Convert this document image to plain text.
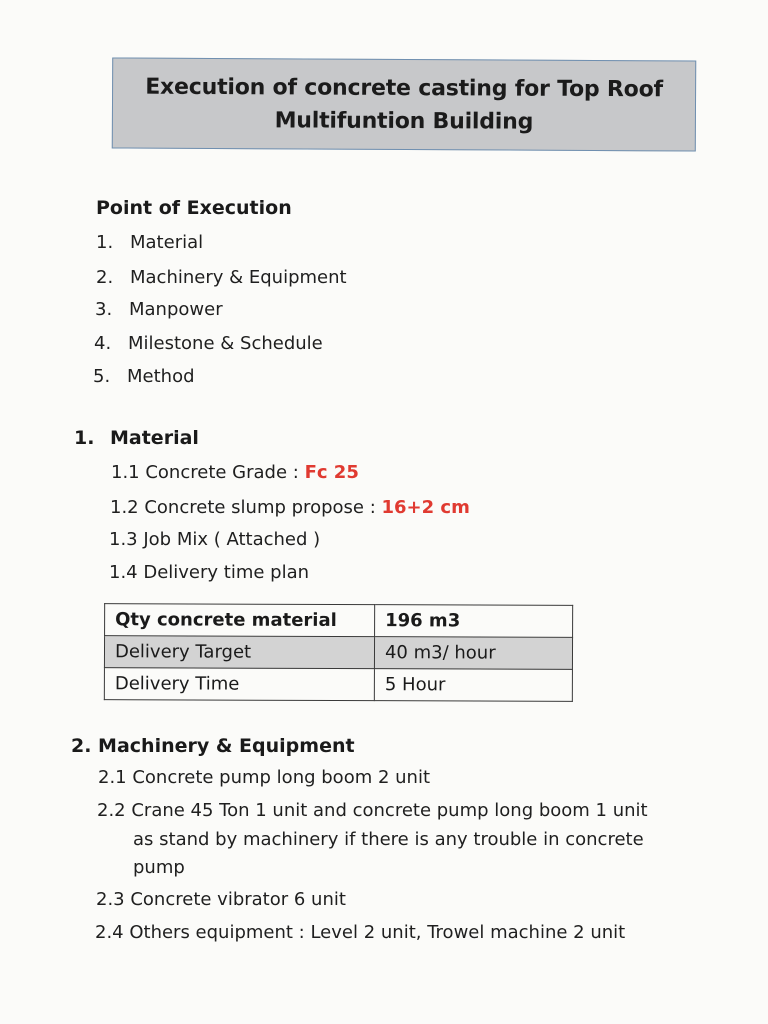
Execution of concrete casting for Top Roof
Multifuntion Building
Point of Execution
1. Material
2. Machinery & Equipment
3. Manpower
4. Milestone & Schedule
5. Method
1. Material
1.1 Concrete Grade : Fc 25
1.2 Concrete slump propose : 16+2 cm
1.3 Job Mix ( Attached )
1.4 Delivery time plan
Qty concrete material	196 m3
Delivery Target	40 m3/ hour
Delivery Time	5 Hour
2. Machinery & Equipment
2.1 Concrete pump long boom 2 unit
2.2 Crane 45 Ton 1 unit and concrete pump long boom 1 unit
as stand by machinery if there is any trouble in concrete
pump
2.3 Concrete vibrator 6 unit
2.4 Others equipment : Level 2 unit, Trowel machine 2 unit
